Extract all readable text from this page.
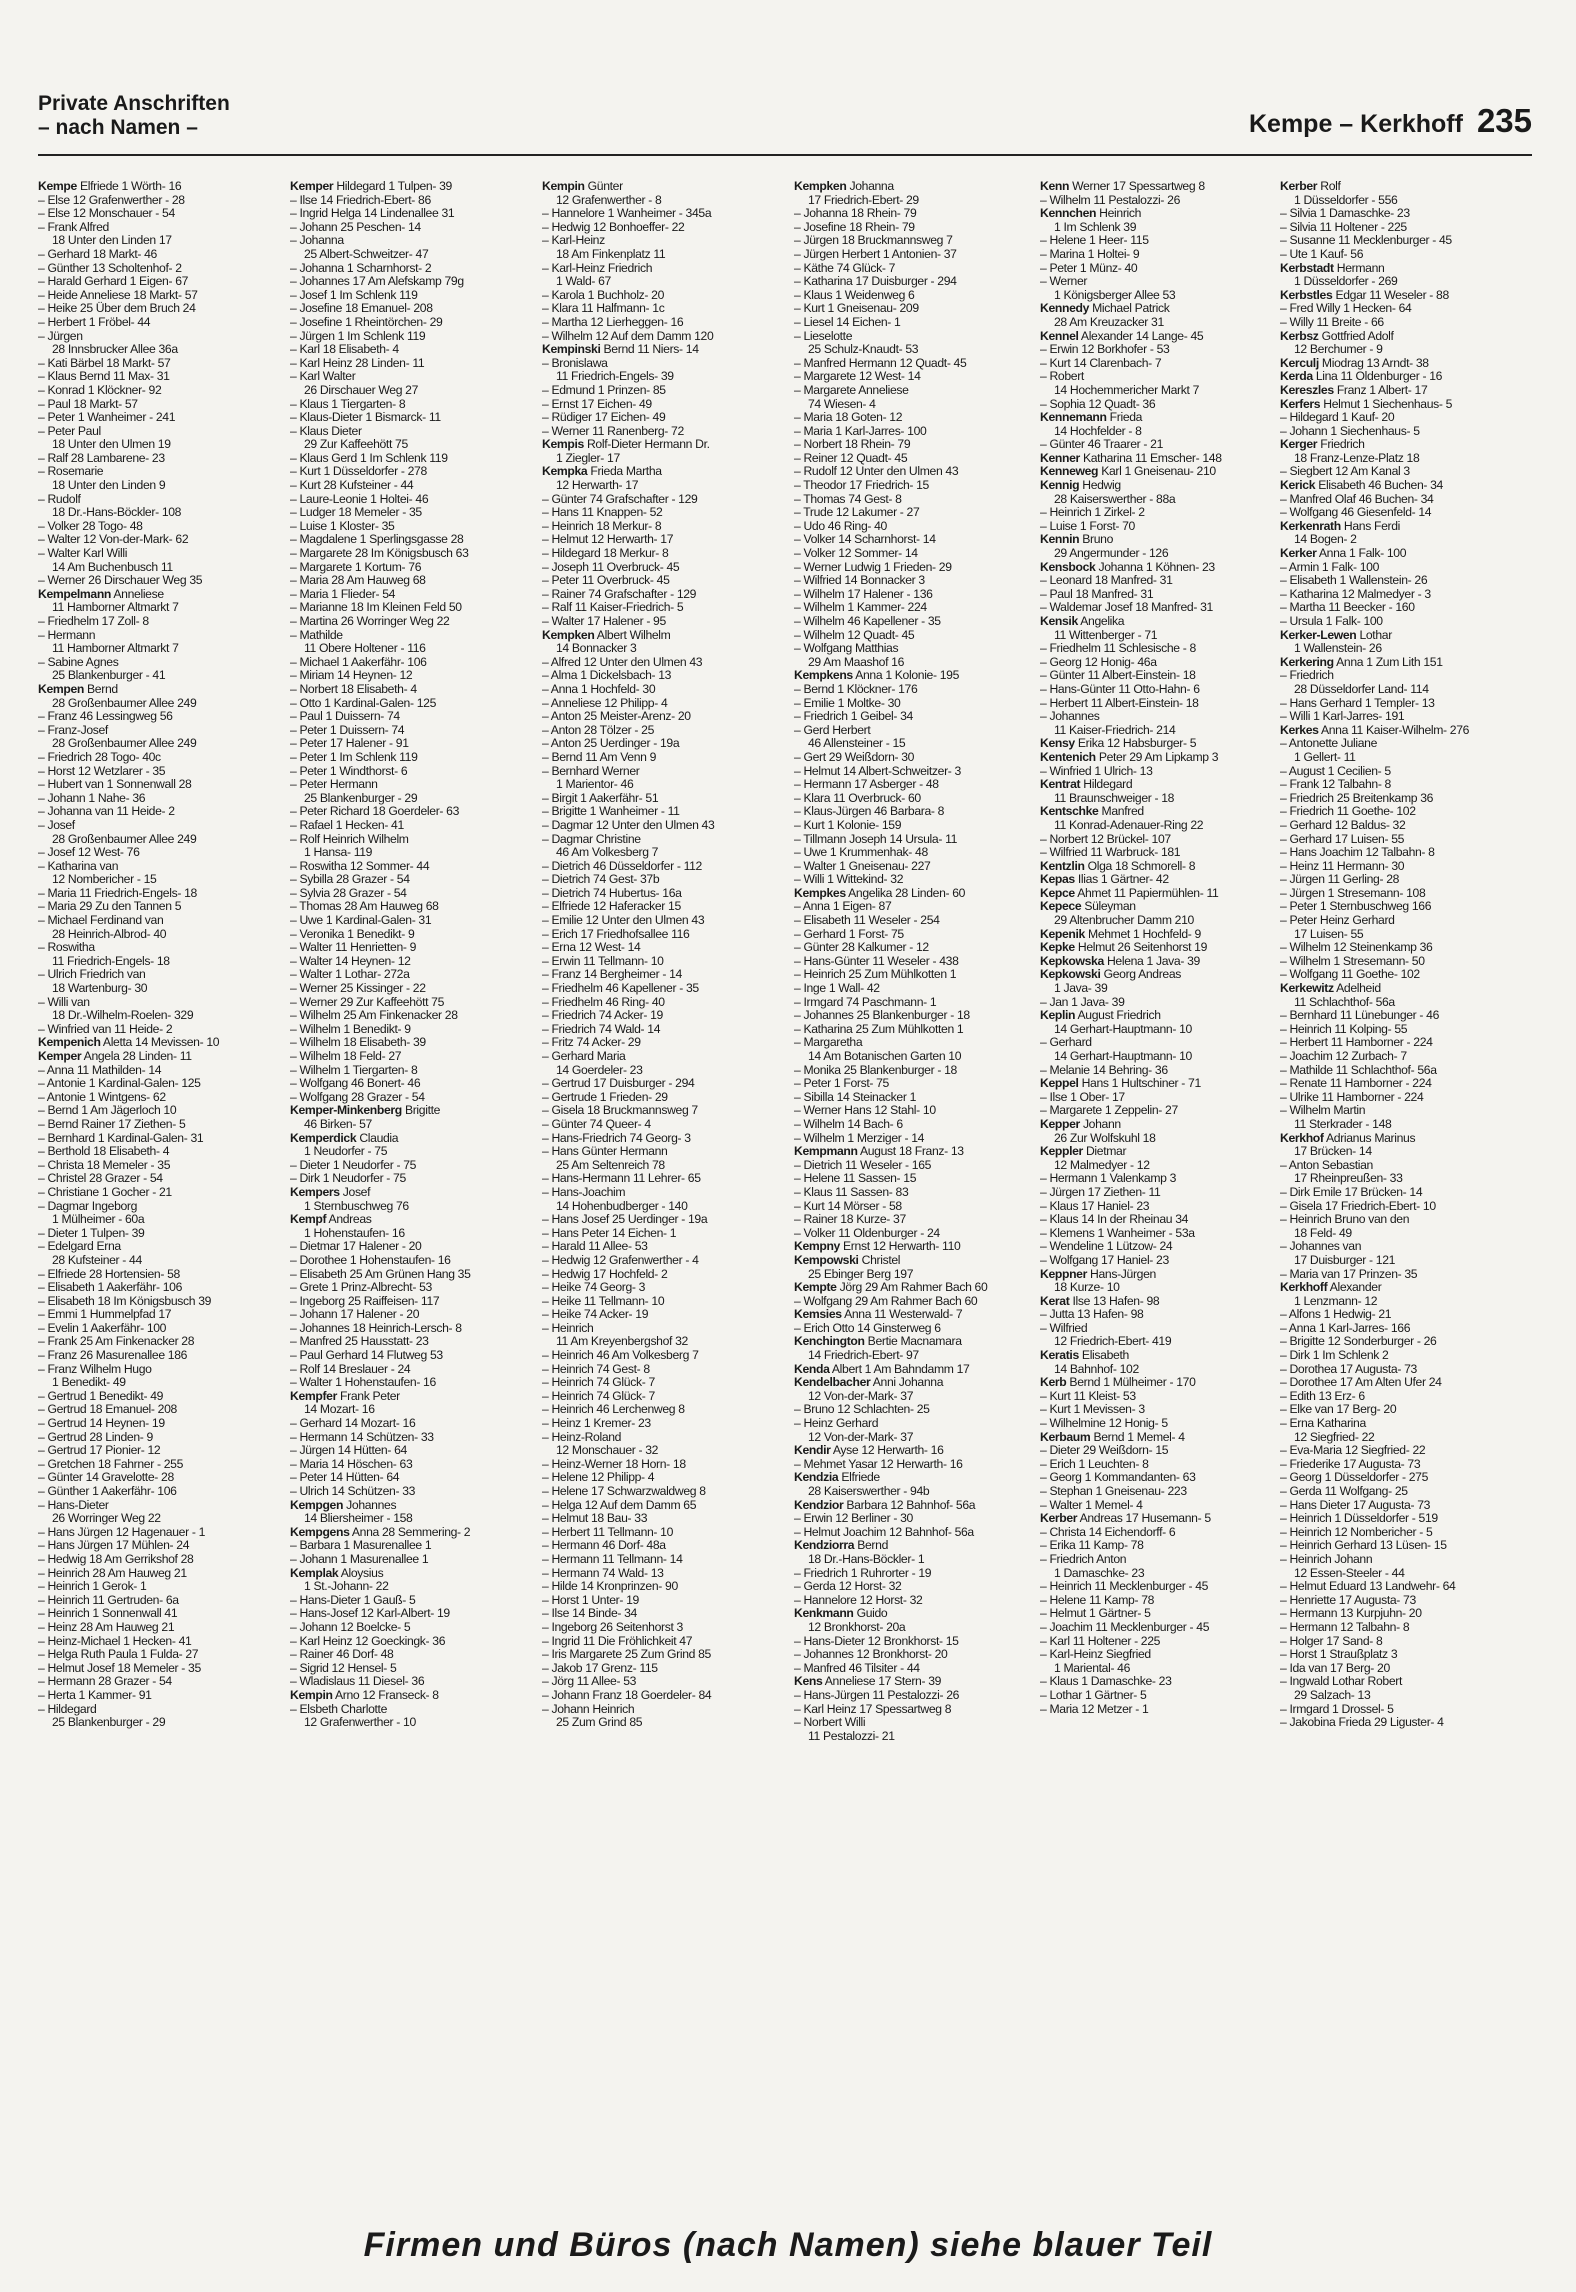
Private Anschriften
– nach Namen –	Kempe – Kerkhoff 235
Kempe Elfriede 1 Wörth- 16
– Else 12 Grafenwerther - 28
– Else 12 Monschauer - 54
– Frank Alfred
18 Unter den Linden 17
– Gerhard 18 Markt- 46
– Günther 13 Scholtenhof- 2
– Harald Gerhard 1 Eigen- 67
– Heide Anneliese 18 Markt- 57
– Heike 25 Über dem Bruch 24
– Herbert 1 Fröbel- 44
– Jürgen
28 Innsbrucker Allee 36a
– Kati Bärbel 18 Markt- 57
– Klaus Bernd 11 Max- 31
– Konrad 1 Klöckner- 92
– Paul 18 Markt- 57
– Peter 1 Wanheimer - 241
– Peter Paul
18 Unter den Ulmen 19
– Ralf 28 Lambarene- 23
– Rosemarie
18 Unter den Linden 9
– Rudolf
18 Dr.-Hans-Böckler- 108
– Volker 28 Togo- 48
– Walter 12 Von-der-Mark- 62
– Walter Karl Willi
14 Am Buchenbusch 11
– Werner 26 Dirschauer Weg 35
Kempelmann Anneliese
11 Hamborner Altmarkt 7
– Friedhelm 17 Zoll- 8
– Hermann
11 Hamborner Altmarkt 7
– Sabine Agnes
25 Blankenburger - 41
Kempen Bernd
28 Großenbaumer Allee 249
– Franz 46 Lessingweg 56
– Franz-Josef
28 Großenbaumer Allee 249
– Friedrich 28 Togo- 40c
– Horst 12 Wetzlarer - 35
– Hubert van 1 Sonnenwall 28
– Johann 1 Nahe- 36
– Johanna van 11 Heide- 2
– Josef
28 Großenbaumer Allee 249
– Josef 12 West- 76
– Katharina van
12 Nombericher - 15
– Maria 11 Friedrich-Engels- 18
– Maria 29 Zu den Tannen 5
– Michael Ferdinand van
28 Heinrich-Albrod- 40
– Roswitha
11 Friedrich-Engels- 18
– Ulrich Friedrich van
18 Wartenburg- 30
– Willi van
18 Dr.-Wilhelm-Roelen- 329
– Winfried van 11 Heide- 2
Kempenich Aletta 14 Mevissen- 10
Kemper Angela 28 Linden- 11
– Anna 11 Mathilden- 14
– Antonie 1 Kardinal-Galen- 125
– Antonie 1 Wintgens- 62
– Bernd 1 Am Jägerloch 10
– Bernd Rainer 17 Ziethen- 5
– Bernhard 1 Kardinal-Galen- 31
– Berthold 18 Elisabeth- 4
– Christa 18 Memeler - 35
– Christel 28 Grazer - 54
– Christiane 1 Gocher - 21
– Dagmar Ingeborg
1 Mülheimer - 60a
– Dieter 1 Tulpen- 39
– Edelgard Erna
28 Kufsteiner - 44
– Elfriede 28 Hortensien- 58
– Elisabeth 1 Aakerfähr- 106
– Elisabeth 18 Im Königsbusch 39
– Emmi 1 Hummelpfad 17
– Evelin 1 Aakerfähr- 100
– Frank 25 Am Finkenacker 28
– Franz 26 Masurenallee 186
– Franz Wilhelm Hugo
1 Benedikt- 49
– Gertrud 1 Benedikt- 49
– Gertrud 18 Emanuel- 208
– Gertrud 14 Heynen- 19
– Gertrud 28 Linden- 9
– Gertrud 17 Pionier- 12
– Gretchen 18 Fahrner - 255
– Günter 14 Gravelotte- 28
– Günther 1 Aakerfähr- 106
– Hans-Dieter
26 Worringer Weg 22
– Hans Jürgen 12 Hagenauer - 1
– Hans Jürgen 17 Mühlen- 24
– Hedwig 18 Am Gerrikshof 28
– Heinrich 28 Am Hauweg 21
– Heinrich 1 Gerok- 1
– Heinrich 11 Gertruden- 6a
– Heinrich 1 Sonnenwall 41
– Heinz 28 Am Hauweg 21
– Heinz-Michael 1 Hecken- 41
– Helga Ruth Paula 1 Fulda- 27
– Helmut Josef 18 Memeler - 35
– Hermann 28 Grazer - 54
– Herta 1 Kammer- 91
– Hildegard
25 Blankenburger - 29
Kemper Hildegard 1 Tulpen- 39
– Ilse 14 Friedrich-Ebert- 86
– Ingrid Helga 14 Lindenallee 31
– Johann 25 Peschen- 14
– Johanna
25 Albert-Schweitzer- 47
– Johanna 1 Scharnhorst- 2
– Johannes 17 Am Alefskamp 79g
– Josef 1 Im Schlenk 119
– Josefine 18 Emanuel- 208
– Josefine 1 Rheintörchen- 29
– Jürgen 1 Im Schlenk 119
– Karl 18 Elisabeth- 4
– Karl Heinz 28 Linden- 11
– Karl Walter
26 Dirschauer Weg 27
– Klaus 1 Tiergarten- 8
– Klaus-Dieter 1 Bismarck- 11
– Klaus Dieter
29 Zur Kaffeehött 75
– Klaus Gerd 1 Im Schlenk 119
– Kurt 1 Düsseldorfer - 278
– Kurt 28 Kufsteiner - 44
– Laure-Leonie 1 Holtei- 46
– Ludger 18 Memeler - 35
– Luise 1 Kloster- 35
– Magdalene 1 Sperlingsgasse 28
– Margarete 28 Im Königsbusch 63
– Margarete 1 Kortum- 76
– Maria 28 Am Hauweg 68
– Maria 1 Flieder- 54
– Marianne 18 Im Kleinen Feld 50
– Martina 26 Worringer Weg 22
– Mathilde
11 Obere Holtener - 116
– Michael 1 Aakerfähr- 106
– Miriam 14 Heynen- 12
– Norbert 18 Elisabeth- 4
– Otto 1 Kardinal-Galen- 125
– Paul 1 Duissern- 74
– Peter 1 Duissern- 74
– Peter 17 Halener - 91
– Peter 1 Im Schlenk 119
– Peter 1 Windthorst- 6
– Peter Hermann
25 Blankenburger - 29
– Peter Richard 18 Goerdeler- 63
– Rafael 1 Hecken- 41
– Rolf Heinrich Wilhelm
1 Hansa- 119
– Roswitha 12 Sommer- 44
– Sybilla 28 Grazer - 54
– Sylvia 28 Grazer - 54
– Thomas 28 Am Hauweg 68
– Uwe 1 Kardinal-Galen- 31
– Veronika 1 Benedikt- 9
– Walter 11 Henrietten- 9
– Walter 14 Heynen- 12
– Walter 1 Lothar- 272a
– Werner 25 Kissinger - 22
– Werner 29 Zur Kaffeehött 75
– Wilhelm 25 Am Finkenacker 28
– Wilhelm 1 Benedikt- 9
– Wilhelm 18 Elisabeth- 39
– Wilhelm 18 Feld- 27
– Wilhelm 1 Tiergarten- 8
– Wolfgang 46 Bonert- 46
– Wolfgang 28 Grazer - 54
Kemper-Minkenberg Brigitte
46 Birken- 57
Kemperdick Claudia
1 Neudorfer - 75
– Dieter 1 Neudorfer - 75
– Dirk 1 Neudorfer - 75
Kempers Josef
1 Sternbuschweg 76
Kempf Andreas
1 Hohenstaufen- 16
– Dietmar 17 Halener - 20
– Dorothee 1 Hohenstaufen- 16
– Elisabeth 25 Am Grünen Hang 35
– Grete 1 Prinz-Albrecht- 53
– Ingeborg 25 Raiffeisen- 117
– Johann 17 Halener - 20
– Johannes 18 Heinrich-Lersch- 8
– Manfred 25 Hausstatt- 23
– Paul Gerhard 14 Flutweg 53
– Rolf 14 Breslauer - 24
– Walter 1 Hohenstaufen- 16
Kempfer Frank Peter
14 Mozart- 16
– Gerhard 14 Mozart- 16
– Hermann 14 Schützen- 33
– Jürgen 14 Hütten- 64
– Maria 14 Höschen- 63
– Peter 14 Hütten- 64
– Ulrich 14 Schützen- 33
Kempgen Johannes
14 Bliersheimer - 158
Kempgens Anna 28 Semmering- 2
– Barbara 1 Masurenallee 1
– Johann 1 Masurenallee 1
Kemplak Aloysius
1 St.-Johann- 22
– Hans-Dieter 1 Gauß- 5
– Hans-Josef 12 Karl-Albert- 19
– Johann 12 Boelcke- 5
– Karl Heinz 12 Goeckingk- 36
– Rainer 46 Dorf- 48
– Sigrid 12 Hensel- 5
– Wladislaus 11 Diesel- 36
Kempin Arno 12 Franseck- 8
– Elsbeth Charlotte
12 Grafenwerther - 10
Kempin Günter
12 Grafenwerther - 8
– Hannelore 1 Wanheimer - 345a
– Hedwig 12 Bonhoeffer- 22
– Karl-Heinz
18 Am Finkenplatz 11
– Karl-Heinz Friedrich
1 Wald- 67
– Karola 1 Buchholz- 20
– Klara 11 Halfmann- 1c
– Martha 12 Lierheggen- 16
– Wilhelm 12 Auf dem Damm 120
Kempinski Bernd 11 Niers- 14
– Bronislawa
11 Friedrich-Engels- 39
– Edmund 1 Prinzen- 85
– Ernst 17 Eichen- 49
– Rüdiger 17 Eichen- 49
– Werner 11 Ranenberg- 72
Kempis Rolf-Dieter Hermann Dr.
1 Ziegler- 17
Kempka Frieda Martha
12 Herwarth- 17
– Günter 74 Grafschafter - 129
– Hans 11 Knappen- 52
– Heinrich 18 Merkur- 8
– Helmut 12 Herwarth- 17
– Hildegard 18 Merkur- 8
– Joseph 11 Overbruck- 45
– Peter 11 Overbruck- 45
– Rainer 74 Grafschafter - 129
– Ralf 11 Kaiser-Friedrich- 5
– Walter 17 Halener - 95
Kempken Albert Wilhelm
14 Bonnacker 3
– Alfred 12 Unter den Ulmen 43
– Alma 1 Dickelsbach- 13
– Anna 1 Hochfeld- 30
– Anneliese 12 Philipp- 4
– Anton 25 Meister-Arenz- 20
– Anton 28 Tölzer - 25
– Anton 25 Uerdinger - 19a
– Bernd 11 Am Venn 9
– Bernhard Werner
1 Marientor- 46
– Birgit 1 Aakerfähr- 51
– Brigitte 1 Wanheimer - 11
– Dagmar 12 Unter den Ulmen 43
– Dagmar Christine
46 Am Volkesberg 7
– Dietrich 46 Düsseldorfer - 112
– Dietrich 74 Gest- 37b
– Dietrich 74 Hubertus- 16a
– Elfriede 12 Haferacker 15
– Emilie 12 Unter den Ulmen 43
– Erich 17 Friedhofsallee 116
– Erna 12 West- 14
– Erwin 11 Tellmann- 10
– Franz 14 Bergheimer - 14
– Friedhelm 46 Kapellener - 35
– Friedhelm 46 Ring- 40
– Friedrich 74 Acker- 19
– Friedrich 74 Wald- 14
– Fritz 74 Acker- 29
– Gerhard Maria
14 Goerdeler- 23
– Gertrud 17 Duisburger - 294
– Gertrude 1 Frieden- 29
– Gisela 18 Bruckmannsweg 7
– Günter 74 Queer- 4
– Hans-Friedrich 74 Georg- 3
– Hans Günter Hermann
25 Am Seltenreich 78
– Hans-Hermann 11 Lehrer- 65
– Hans-Joachim
14 Hohenbudberger - 140
– Hans Josef 25 Uerdinger - 19a
– Hans Peter 14 Eichen- 1
– Harald 11 Allee- 53
– Hedwig 12 Grafenwerther - 4
– Hedwig 17 Hochfeld- 2
– Heike 74 Georg- 3
– Heike 11 Tellmann- 10
– Heike 74 Acker- 19
– Heinrich
11 Am Kreyenbergshof 32
– Heinrich 46 Am Volkesberg 7
– Heinrich 74 Gest- 8
– Heinrich 74 Glück- 7
– Heinrich 74 Glück- 7
– Heinrich 46 Lerchenweg 8
– Heinz 1 Kremer- 23
– Heinz-Roland
12 Monschauer - 32
– Heinz-Werner 18 Horn- 18
– Helene 12 Philipp- 4
– Helene 17 Schwarzwaldweg 8
– Helga 12 Auf dem Damm 65
– Helmut 18 Bau- 33
– Herbert 11 Tellmann- 10
– Hermann 46 Dorf- 48a
– Hermann 11 Tellmann- 14
– Hermann 74 Wald- 13
– Hilde 14 Kronprinzen- 90
– Horst 1 Unter- 19
– Ilse 14 Binde- 34
– Ingeborg 26 Seitenhorst 3
– Ingrid 11 Die Fröhlichkeit 47
– Iris Margarete 25 Zum Grind 85
– Jakob 17 Grenz- 115
– Jörg 11 Allee- 53
– Johann Franz 18 Goerdeler- 84
– Johann Heinrich
25 Zum Grind 85
Kempken Johanna
17 Friedrich-Ebert- 29
– Johanna 18 Rhein- 79
– Josefine 18 Rhein- 79
– Jürgen 18 Bruckmannsweg 7
– Jürgen Herbert 1 Antonien- 37
– Käthe 74 Glück- 7
– Katharina 17 Duisburger - 294
– Klaus 1 Weidenweg 6
– Kurt 1 Gneisenau- 209
– Liesel 14 Eichen- 1
– Lieselotte
25 Schulz-Knaudt- 53
– Manfred Hermann 12 Quadt- 45
– Margarete 12 West- 14
– Margarete Anneliese
74 Wiesen- 4
– Maria 18 Goten- 12
– Maria 1 Karl-Jarres- 100
– Norbert 18 Rhein- 79
– Reiner 12 Quadt- 45
– Rudolf 12 Unter den Ulmen 43
– Theodor 17 Friedrich- 15
– Thomas 74 Gest- 8
– Trude 12 Lakumer - 27
– Udo 46 Ring- 40
– Volker 14 Scharnhorst- 14
– Volker 12 Sommer- 14
– Werner Ludwig 1 Frieden- 29
– Wilfried 14 Bonnacker 3
– Wilhelm 17 Halener - 136
– Wilhelm 1 Kammer- 224
– Wilhelm 46 Kapellener - 35
– Wilhelm 12 Quadt- 45
– Wolfgang Matthias
29 Am Maashof 16
Kempkens Anna 1 Kolonie- 195
– Bernd 1 Klöckner- 176
– Emilie 1 Moltke- 30
– Friedrich 1 Geibel- 34
– Gerd Herbert
46 Allensteiner - 15
– Gert 29 Weißdorn- 30
– Helmut 14 Albert-Schweitzer- 3
– Hermann 17 Asberger - 48
– Klara 11 Overbruck- 60
– Klaus-Jürgen 46 Barbara- 8
– Kurt 1 Kolonie- 159
– Tillmann Joseph 14 Ursula- 11
– Uwe 1 Krummenhak- 48
– Walter 1 Gneisenau- 227
– Willi 1 Wittekind- 32
Kempkes Angelika 28 Linden- 60
– Anna 1 Eigen- 87
– Elisabeth 11 Weseler - 254
– Gerhard 1 Forst- 75
– Günter 28 Kalkumer - 12
– Hans-Günter 11 Weseler - 438
– Heinrich 25 Zum Mühlkotten 1
– Inge 1 Wall- 42
– Irmgard 74 Paschmann- 1
– Johannes 25 Blankenburger - 18
– Katharina 25 Zum Mühlkotten 1
– Margaretha
14 Am Botanischen Garten 10
– Monika 25 Blankenburger - 18
– Peter 1 Forst- 75
– Sibilla 14 Steinacker 1
– Werner Hans 12 Stahl- 10
– Wilhelm 14 Bach- 6
– Wilhelm 1 Merziger - 14
Kempmann August 18 Franz- 13
– Dietrich 11 Weseler - 165
– Helene 11 Sassen- 15
– Klaus 11 Sassen- 83
– Kurt 14 Mörser - 58
– Rainer 18 Kurze- 37
– Volker 11 Oldenburger - 24
Kempny Ernst 12 Herwarth- 110
Kempowski Christel
25 Ebinger Berg 197
Kempte Jörg 29 Am Rahmer Bach 60
– Wolfgang 29 Am Rahmer Bach 60
Kemsies Anna 11 Westerwald- 7
– Erich Otto 14 Ginsterweg 6
Kenchington Bertie Macnamara
14 Friedrich-Ebert- 97
Kenda Albert 1 Am Bahndamm 17
Kendelbacher Anni Johanna
12 Von-der-Mark- 37
– Bruno 12 Schlachten- 25
– Heinz Gerhard
12 Von-der-Mark- 37
Kendir Ayse 12 Herwarth- 16
– Mehmet Yasar 12 Herwarth- 16
Kendzia Elfriede
28 Kaiserswerther - 94b
Kendzior Barbara 12 Bahnhof- 56a
– Erwin 12 Berliner - 30
– Helmut Joachim 12 Bahnhof- 56a
Kendziorra Bernd
18 Dr.-Hans-Böckler- 1
– Friedrich 1 Ruhrorter - 19
– Gerda 12 Horst- 32
– Hannelore 12 Horst- 32
Kenkmann Guido
12 Bronkhorst- 20a
– Hans-Dieter 12 Bronkhorst- 15
– Johannes 12 Bronkhorst- 20
– Manfred 46 Tilsiter - 44
Kens Anneliese 17 Stern- 39
– Hans-Jürgen 11 Pestalozzi- 26
– Karl Heinz 17 Spessartweg 8
– Norbert Willi
11 Pestalozzi- 21
Kenn Werner 17 Spessartweg 8
– Wilhelm 11 Pestalozzi- 26
Kennchen Heinrich
1 Im Schlenk 39
– Helene 1 Heer- 115
– Marina 1 Holtei- 9
– Peter 1 Münz- 40
– Werner
1 Königsberger Allee 53
Kennedy Michael Patrick
28 Am Kreuzacker 31
Kennel Alexander 14 Lange- 45
– Erwin 12 Borkhofer - 53
– Kurt 14 Clarenbach- 7
– Robert
14 Hochemmericher Markt 7
– Sophia 12 Quadt- 36
Kennemann Frieda
14 Hochfelder - 8
– Günter 46 Traarer - 21
Kenner Katharina 11 Emscher- 148
Kenneweg Karl 1 Gneisenau- 210
Kennig Hedwig
28 Kaiserswerther - 88a
– Heinrich 1 Zirkel- 2
– Luise 1 Forst- 70
Kennin Bruno
29 Angermunder - 126
Kensbock Johanna 1 Köhnen- 23
– Leonard 18 Manfred- 31
– Paul 18 Manfred- 31
– Waldemar Josef 18 Manfred- 31
Kensik Angelika
11 Wittenberger - 71
– Friedhelm 11 Schlesische - 8
– Georg 12 Honig- 46a
– Günter 11 Albert-Einstein- 18
– Hans-Günter 11 Otto-Hahn- 6
– Herbert 11 Albert-Einstein- 18
– Johannes
11 Kaiser-Friedrich- 214
Kensy Erika 12 Habsburger- 5
Kentenich Peter 29 Am Lipkamp 3
– Winfried 1 Ulrich- 13
Kentrat Hildegard
11 Braunschweiger - 18
Kentschke Manfred
11 Konrad-Adenauer-Ring 22
– Norbert 12 Brückel- 107
– Wilfried 11 Warbruck- 181
Kentzlin Olga 18 Schmorell- 8
Kepas Ilias 1 Gärtner- 42
Kepce Ahmet 11 Papiermühlen- 11
Kepece Süleyman
29 Altenbrucher Damm 210
Kepenik Mehmet 1 Hochfeld- 9
Kepke Helmut 26 Seitenhorst 19
Kepkowska Helena 1 Java- 39
Kepkowski Georg Andreas
1 Java- 39
– Jan 1 Java- 39
Keplin August Friedrich
14 Gerhart-Hauptmann- 10
– Gerhard
14 Gerhart-Hauptmann- 10
– Melanie 14 Behring- 36
Keppel Hans 1 Hultschiner - 71
– Ilse 1 Ober- 17
– Margarete 1 Zeppelin- 27
Kepper Johann
26 Zur Wolfskuhl 18
Keppler Dietmar
12 Malmedyer - 12
– Hermann 1 Valenkamp 3
– Jürgen 17 Ziethen- 11
– Klaus 17 Haniel- 23
– Klaus 14 In der Rheinau 34
– Klemens 1 Wanheimer - 53a
– Wendeline 1 Lützow- 24
– Wolfgang 17 Haniel- 23
Keppner Hans-Jürgen
18 Kurze- 10
Kerat Ilse 13 Hafen- 98
– Jutta 13 Hafen- 98
– Wilfried
12 Friedrich-Ebert- 419
Keratis Elisabeth
14 Bahnhof- 102
Kerb Bernd 1 Mülheimer - 170
– Kurt 11 Kleist- 53
– Kurt 1 Mevissen- 3
– Wilhelmine 12 Honig- 5
Kerbaum Bernd 1 Memel- 4
– Dieter 29 Weißdorn- 15
– Erich 1 Leuchten- 8
– Georg 1 Kommandanten- 63
– Stephan 1 Gneisenau- 223
– Walter 1 Memel- 4
Kerber Andreas 17 Husemann- 5
– Christa 14 Eichendorff- 6
– Erika 11 Kamp- 78
– Friedrich Anton
1 Damaschke- 23
– Heinrich 11 Mecklenburger - 45
– Helene 11 Kamp- 78
– Helmut 1 Gärtner- 5
– Joachim 11 Mecklenburger - 45
– Karl 11 Holtener - 225
– Karl-Heinz Siegfried
1 Mariental- 46
– Klaus 1 Damaschke- 23
– Lothar 1 Gärtner- 5
– Maria 12 Metzer - 1
Kerber Rolf
1 Düsseldorfer - 556
– Silvia 1 Damaschke- 23
– Silvia 11 Holtener - 225
– Susanne 11 Mecklenburger - 45
– Ute 1 Kauf- 56
Kerbstadt Hermann
1 Düsseldorfer - 269
Kerbstles Edgar 11 Weseler - 88
– Fred Willy 1 Hecken- 64
– Willy 11 Breite - 66
Kerbsz Gottfried Adolf
12 Berchumer - 9
Kerculj Miodrag 13 Arndt- 38
Kerda Lina 11 Oldenburger - 16
Kereszles Franz 1 Albert- 17
Kerfers Helmut 1 Siechenhaus- 5
– Hildegard 1 Kauf- 20
– Johann 1 Siechenhaus- 5
Kerger Friedrich
18 Franz-Lenze-Platz 18
– Siegbert 12 Am Kanal 3
Kerick Elisabeth 46 Buchen- 34
– Manfred Olaf 46 Buchen- 34
– Wolfgang 46 Giesenfeld- 14
Kerkenrath Hans Ferdi
14 Bogen- 2
Kerker Anna 1 Falk- 100
– Armin 1 Falk- 100
– Elisabeth 1 Wallenstein- 26
– Katharina 12 Malmedyer - 3
– Martha 11 Beecker - 160
– Ursula 1 Falk- 100
Kerker-Lewen Lothar
1 Wallenstein- 26
Kerkering Anna 1 Zum Lith 151
– Friedrich
28 Düsseldorfer Land- 114
– Hans Gerhard 1 Templer- 13
– Willi 1 Karl-Jarres- 191
Kerkes Anna 11 Kaiser-Wilhelm- 276
– Antonette Juliane
1 Gellert- 11
– August 1 Cecilien- 5
– Frank 12 Talbahn- 8
– Friedrich 25 Breitenkamp 36
– Friedrich 11 Goethe- 102
– Gerhard 12 Baldus- 32
– Gerhard 17 Luisen- 55
– Hans Joachim 12 Talbahn- 8
– Heinz 11 Hermann- 30
– Jürgen 11 Gerling- 28
– Jürgen 1 Stresemann- 108
– Peter 1 Sternbuschweg 166
– Peter Heinz Gerhard
17 Luisen- 55
– Wilhelm 12 Steinenkamp 36
– Wilhelm 1 Stresemann- 50
– Wolfgang 11 Goethe- 102
Kerkewitz Adelheid
11 Schlachthof- 56a
– Bernhard 11 Lünebunger - 46
– Heinrich 11 Kolping- 55
– Herbert 11 Hamborner - 224
– Joachim 12 Zurbach- 7
– Mathilde 11 Schlachthof- 56a
– Renate 11 Hamborner - 224
– Ulrike 11 Hamborner - 224
– Wilhelm Martin
11 Sterkrader - 148
Kerkhof Adrianus Marinus
17 Brücken- 14
– Anton Sebastian
17 Rheinpreußen- 33
– Dirk Emile 17 Brücken- 14
– Gisela 17 Friedrich-Ebert- 10
– Heinrich Bruno van den
18 Feld- 49
– Johannes van
17 Duisburger - 121
– Maria van 17 Prinzen- 35
Kerkhoff Alexander
1 Lenzmann- 12
– Alfons 1 Hedwig- 21
– Anna 1 Karl-Jarres- 166
– Brigitte 12 Sonderburger - 26
– Dirk 1 Im Schlenk 2
– Dorothea 17 Augusta- 73
– Dorothee 17 Am Alten Ufer 24
– Edith 13 Erz- 6
– Elke van 17 Berg- 20
– Erna Katharina
12 Siegfried- 22
– Eva-Maria 12 Siegfried- 22
– Friederike 17 Augusta- 73
– Georg 1 Düsseldorfer - 275
– Gerda 11 Wolfgang- 25
– Hans Dieter 17 Augusta- 73
– Heinrich 1 Düsseldorfer - 519
– Heinrich 12 Nombericher - 5
– Heinrich Gerhard 13 Lüsen- 15
– Heinrich Johann
12 Essen-Steeler - 44
– Helmut Eduard 13 Landwehr- 64
– Henriette 17 Augusta- 73
– Hermann 13 Kurpjuhn- 20
– Hermann 12 Talbahn- 8
– Holger 17 Sand- 8
– Horst 1 Straußplatz 3
– Ida van 17 Berg- 20
– Ingwald Lothar Robert
29 Salzach- 13
– Irmgard 1 Drossel- 5
– Jakobina Frieda 29 Liguster- 4
Firmen und Büros (nach Namen) siehe blauer Teil
